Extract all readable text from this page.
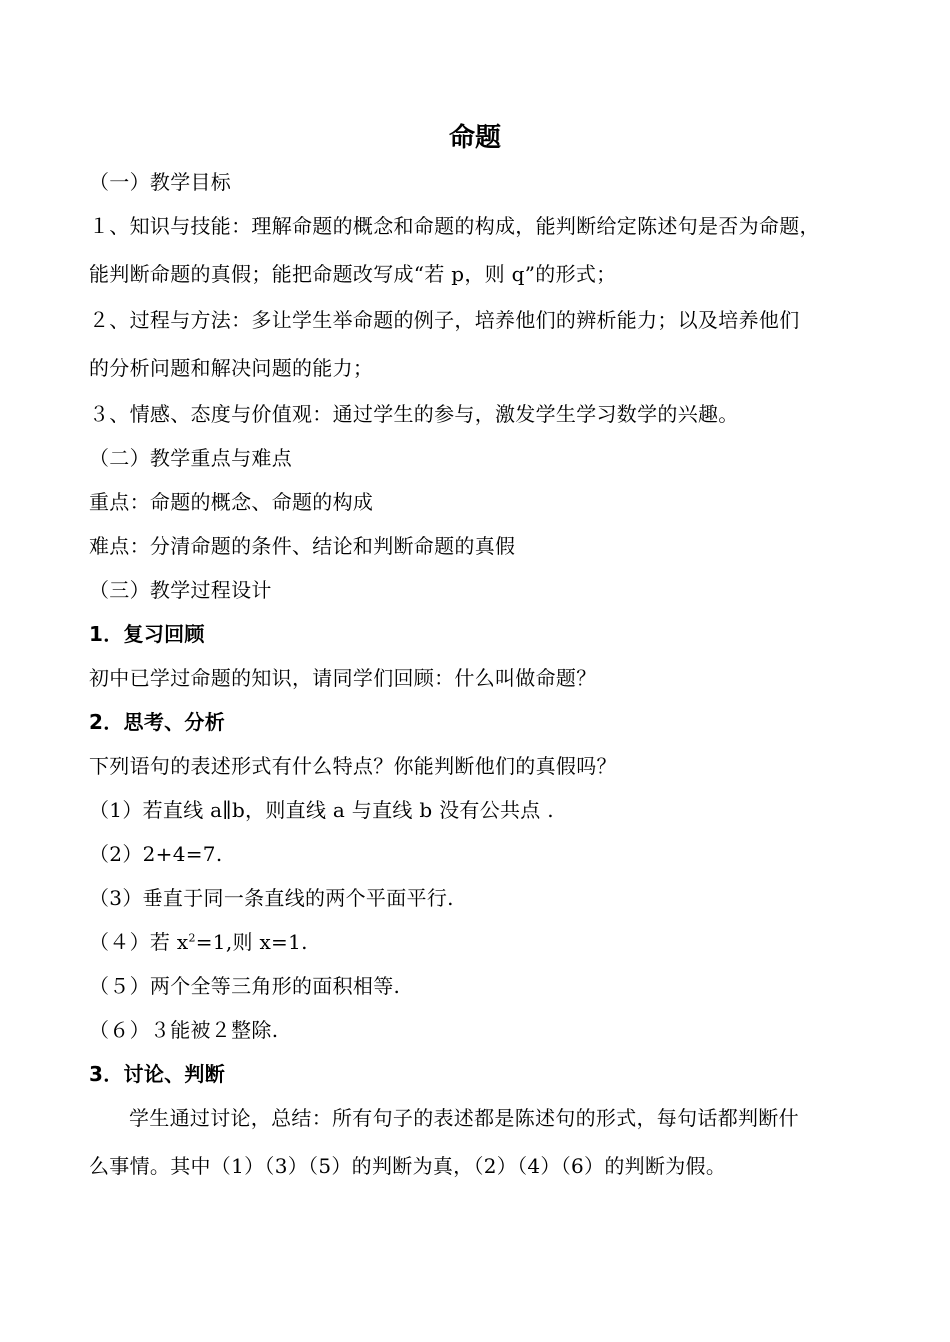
命题
（一）教学目标
１、知识与技能：理解命题的概念和命题的构成，能判断给定陈述句是否为命题，
能判断命题的真假；能把命题改写成“若 p，则 q”的形式；
２、过程与方法：多让学生举命题的例子，培养他们的辨析能力；以及培养他们
的分析问题和解决问题的能力；
３、情感、态度与价值观：通过学生的参与，激发学生学习数学的兴趣。
（二）教学重点与难点
重点：命题的概念、命题的构成
难点：分清命题的条件、结论和判断命题的真假
（三）教学过程设计
1．复习回顾
初中已学过命题的知识，请同学们回顾：什么叫做命题？
2．思考、分析
下列语句的表述形式有什么特点？你能判断他们的真假吗？
（1）若直线 a∥b，则直线 a 与直线 b 没有公共点 .
（2）2+4=7.
（3）垂直于同一条直线的两个平面平行.
（４）若 $x^2=1$,则 x=1.
（５）两个全等三角形的面积相等.
（６）３能被２整除.
3．讨论、判断
学生通过讨论，总结：所有句子的表述都是陈述句的形式，每句话都判断什
么事情。其中（1）（3）（5）的判断为真，（2）（4）（6）的判断为假。
